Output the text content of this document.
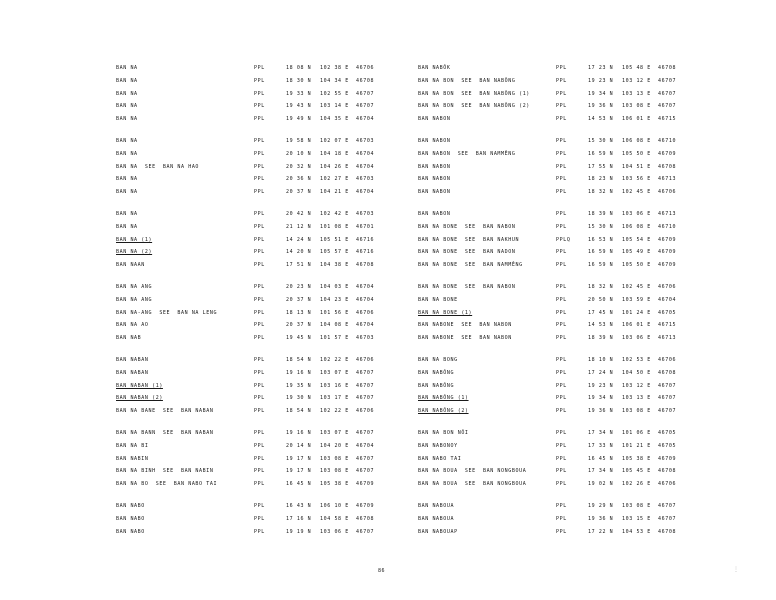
BAN NA	PPL	18 08 N 102 38 E 46706
BAN NA	PPL	18 30 N 104 34 E 46708
BAN NA	PPL	19 33 N 102 55 E 46707
BAN NA	PPL	19 43 N 103 14 E 46707
BAN NA	PPL	19 49 N 104 35 E 46704
BAN NA	PPL	19 58 N 102 07 E 46703
BAN NA	PPL	20 10 N 104 18 E 46704
BAN NA  SEE  BAN NA HAO	PPL	20 32 N 104 26 E 46704
BAN NA	PPL	20 36 N 102 27 E 46703
BAN NA	PPL	20 37 N 104 21 E 46704
BAN NA	PPL	20 42 N 102 42 E 46703
BAN NA	PPL	21 12 N 101 08 E 46701
BAN NA (1)	PPL	14 24 N 105 51 E 46716
BAN NA (2)	PPL	14 20 N 105 57 E 46716
BAN NAAN	PPL	17 51 N 104 38 E 46708
BAN NA ANG	PPL	20 23 N 104 03 E 46704
BAN NA ANG	PPL	20 37 N 104 23 E 46704
BAN NA-ANG  SEE  BAN NA LENG	PPL	18 13 N 101 56 E 46706
BAN NA AO	PPL	20 37 N 104 08 E 46704
BAN NAB	PPL	19 45 N 101 57 E 46703
BAN NABAN	PPL	18 54 N 102 22 E 46706
BAN NABAN	PPL	19 16 N 103 07 E 46707
BAN NABAN (1)	PPL	19 35 N 103 16 E 46707
BAN NABAN (2)	PPL	19 30 N 103 17 E 46707
BAN NA BANE  SEE  BAN NABAN	PPL	18 54 N 102 22 E 46706
BAN NA BANN  SEE  BAN NABAN	PPL	19 16 N 103 07 E 46707
BAN NA BI	PPL	20 14 N 104 20 E 46704
BAN NABIN	PPL	19 17 N 103 08 E 46707
BAN NA BINH  SEE  BAN NABIN	PPL	19 17 N 103 08 E 46707
BAN NA BO  SEE  BAN NABO TAI	PPL	16 45 N 105 38 E 46709
BAN NABO	PPL	16 43 N 106 10 E 46709
BAN NABO	PPL	17 16 N 104 58 E 46708
BAN NABO	PPL	19 19 N 103 06 E 46707
BAN NABÔK	PPL	17 23 N 105 48 E 46708
BAN NA BON  SEE  BAN NABÔNG	PPL	19 23 N 103 12 E 46707
BAN NA BON  SEE  BAN NABÔNG (1)	PPL	19 34 N 103 13 E 46707
BAN NA BON  SEE  BAN NABÔNG (2)	PPL	19 36 N 103 08 E 46707
BAN NABON	PPL	14 53 N 106 01 E 46715
BAN NABON	PPL	15 30 N 106 08 E 46710
BAN NABON  SEE  BAN NAMMÊNG	PPL	16 59 N 105 50 E 46709
BAN NABON	PPL	17 55 N 104 51 E 46708
BAN NABON	PPL	18 23 N 103 56 E 46713
BAN NABON	PPL	18 32 N 102 45 E 46706
BAN NABON	PPL	18 39 N 103 06 E 46713
BAN NA BONE  SEE  BAN NABON	PPL	15 30 N 106 08 E 46710
BAN NA BONE  SEE  BAN NAKHUN	PPLQ	16 53 N 105 54 E 46709
BAN NA BONE  SEE  BAN NADON	PPL	16 59 N 105 49 E 46709
BAN NA BONE  SEE  BAN NAMMÊNG	PPL	16 59 N 105 50 E 46709
BAN NA BONE  SEE  BAN NABON	PPL	18 32 N 102 45 E 46706
BAN NA BONE	PPL	20 50 N 103 59 E 46704
BAN NA BONE (1)	PPL	17 45 N 101 24 E 46705
BAN NABONE  SEE  BAN NABON	PPL	14 53 N 106 01 E 46715
BAN NABONE  SEE  BAN NABON	PPL	18 39 N 103 06 E 46713
BAN NA BONG	PPL	18 10 N 102 53 E 46706
BAN NABÔNG	PPL	17 24 N 104 50 E 46708
BAN NABÔNG	PPL	19 23 N 103 12 E 46707
BAN NABÔNG (1)	PPL	19 34 N 103 13 E 46707
BAN NABÔNG (2)	PPL	19 36 N 103 08 E 46707
BAN NA BON NÔI	PPL	17 34 N 101 06 E 46705
BAN NABONOY	PPL	17 33 N 101 21 E 46705
BAN NABO TAI	PPL	16 45 N 105 38 E 46709
BAN NA BOUA  SEE  BAN NONGBOUA	PPL	17 34 N 105 45 E 46708
BAN NA BOUA  SEE  BAN NONGBOUA	PPL	19 02 N 102 26 E 46706
BAN NABOUA	PPL	19 29 N 103 08 E 46707
BAN NABOUA	PPL	19 36 N 103 15 E 46707
BAN NABOUAP	PPL	17 22 N 104 53 E 46708
86	⋮
